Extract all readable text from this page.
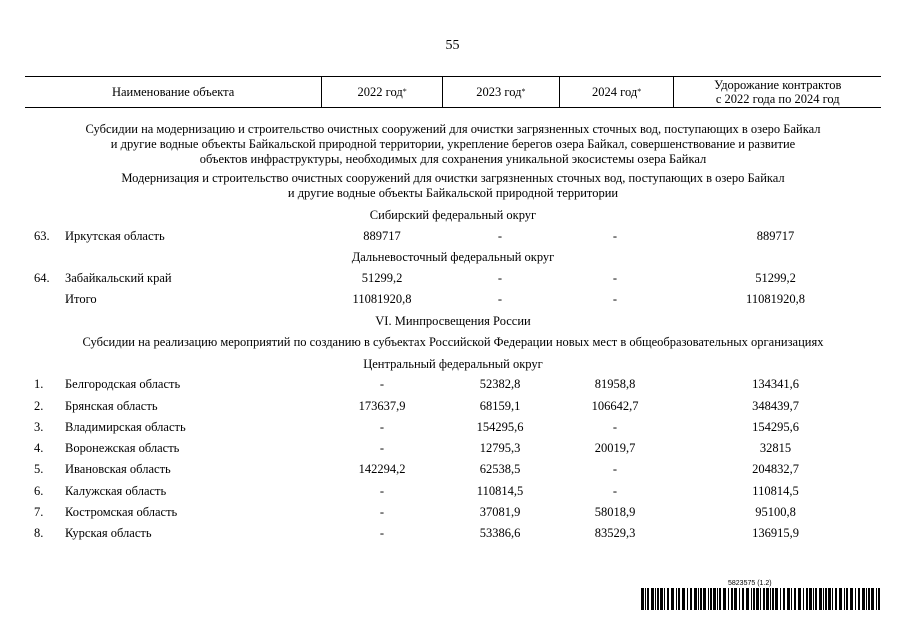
55
Наименование объекта	2022 год *	2023 год *	2024 год *	Удорожание контрактов
с 2022 года по 2024 год
Субсидии на модернизацию и строительство очистных сооружений для очистки загрязненных сточных вод, поступающих в озеро Байкал
и другие водные объекты Байкальской природной территории, укрепление берегов озера Байкал, совершенствование и развитие
объектов инфраструктуры, необходимых для сохранения уникальной экосистемы озера Байкал
Модернизация и строительство очистных сооружений для очистки загрязненных сточных вод, поступающих в озеро Байкал
и другие водные объекты Байкальской природной территории
Сибирский федеральный округ
63. Иркутская область	889717	-	-	889717
Дальневосточный федеральный округ
64. Забайкальский край	51299,2	-	-	51299,2
Итого	11081920,8	-	-	11081920,8
VI. Минпросвещения России
Субсидии на реализацию мероприятий по созданию в субъектах Российской Федерации новых мест в общеобразовательных организациях
Центральный федеральный округ
1. Белгородская область	-	52382,8	81958,8	134341,6
2. Брянская область	173637,9	68159,1	106642,7	348439,7
3. Владимирская область	-	154295,6	-	154295,6
4. Воронежская область	-	12795,3	20019,7	32815
5. Ивановская область	142294,2	62538,5	-	204832,7
6. Калужская область	-	110814,5	-	110814,5
7. Костромская область	-	37081,9	58018,9	95100,8
8. Курская область	-	53386,6	83529,3	136915,9
5823575 (1.2)
